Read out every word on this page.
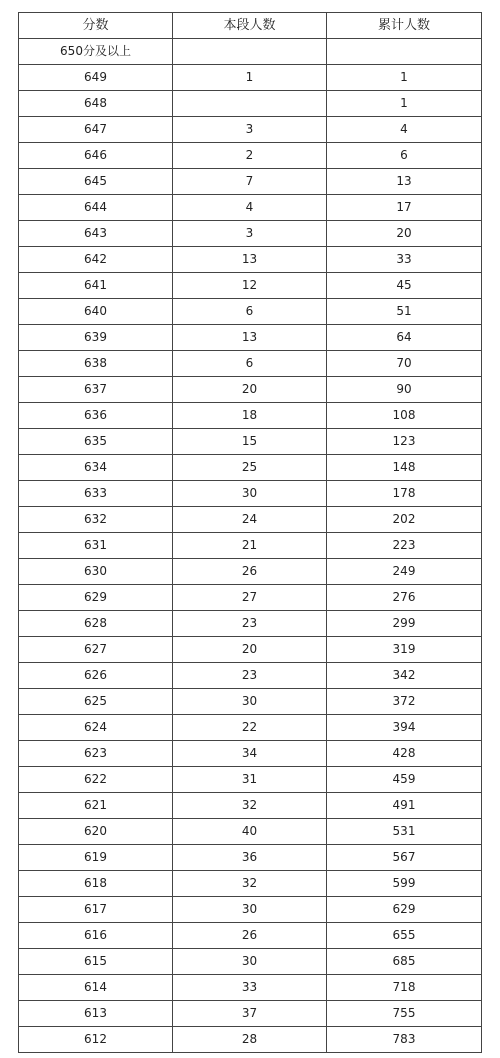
分数	本段人数	累计人数
650分及以上		
649	1	1
648		1
647	3	4
646	2	6
645	7	13
644	4	17
643	3	20
642	13	33
641	12	45
640	6	51
639	13	64
638	6	70
637	20	90
636	18	108
635	15	123
634	25	148
633	30	178
632	24	202
631	21	223
630	26	249
629	27	276
628	23	299
627	20	319
626	23	342
625	30	372
624	22	394
623	34	428
622	31	459
621	32	491
620	40	531
619	36	567
618	32	599
617	30	629
616	26	655
615	30	685
614	33	718
613	37	755
612	28	783
